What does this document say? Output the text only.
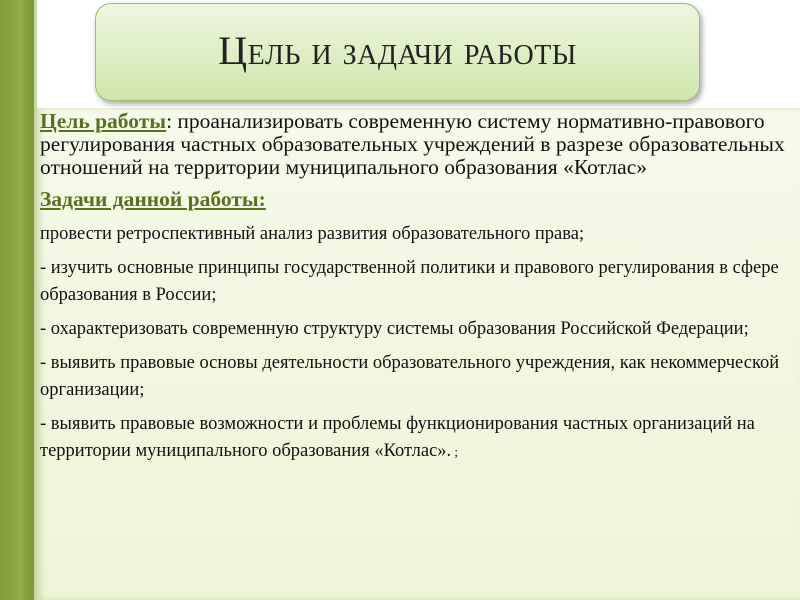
Цель и задачи работы

Цель работы: проанализировать современную систему нормативно-правового регулирования частных образовательных учреждений в разрезе образовательных отношений на территории муниципального образования «Котлас»

Задачи данной работы:

провести ретроспективный анализ развития образовательного права;

- изучить основные принципы государственной политики и правового регулирования в сфере образования в России;

- охарактеризовать современную структуру системы образования Российской Федерации;

- выявить правовые основы деятельности образовательного учреждения, как некоммерческой организации;

- выявить правовые возможности и проблемы функционирования частных организаций на территории муниципального образования «Котлас». ;
